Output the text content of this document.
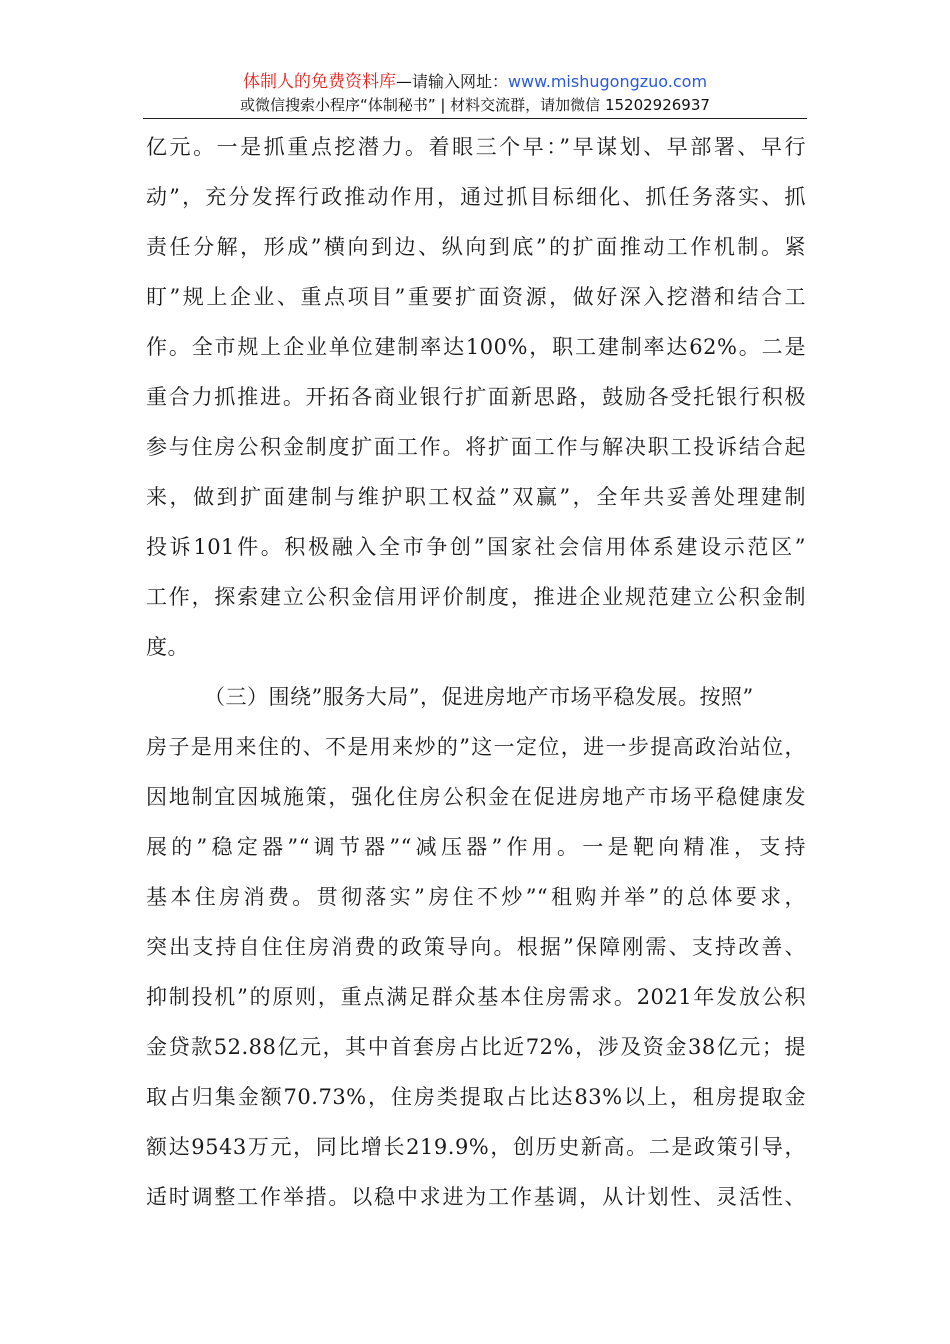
体制人的免费资料库—请输入网址：www.mishugongzuo.com
或微信搜索小程序“体制秘书” | 材料交流群，请加微信 15202926937
亿元。一是抓重点挖潜力。着眼三个早：”早谋划、早部署、早行
动”，充分发挥行政推动作用，通过抓目标细化、抓任务落实、抓
责任分解，形成”横向到边、纵向到底”的扩面推动工作机制。紧
盯”规上企业、重点项目”重要扩面资源，做好深入挖潜和结合工
作。全市规上企业单位建制率达100%，职工建制率达62%。二是
重合力抓推进。开拓各商业银行扩面新思路，鼓励各受托银行积极
参与住房公积金制度扩面工作。将扩面工作与解决职工投诉结合起
来，做到扩面建制与维护职工权益”双赢”，全年共妥善处理建制
投诉101件。积极融入全市争创”国家社会信用体系建设示范区”
工作，探索建立公积金信用评价制度，推进企业规范建立公积金制
度。
（三）围绕”服务大局”，促进房地产市场平稳发展。按照”
房子是用来住的、不是用来炒的”这一定位，进一步提高政治站位，
因地制宜因城施策，强化住房公积金在促进房地产市场平稳健康发
展的”稳定器”“调节器”“减压器”作用。一是靶向精准，支持
基本住房消费。贯彻落实”房住不炒”“租购并举”的总体要求，
突出支持自住住房消费的政策导向。根据”保障刚需、支持改善、
抑制投机”的原则，重点满足群众基本住房需求。2021年发放公积
金贷款52.88亿元，其中首套房占比近72%，涉及资金38亿元；提
取占归集金额70.73%，住房类提取占比达83%以上，租房提取金
额达9543万元，同比增长219.9%，创历史新高。二是政策引导，
适时调整工作举措。以稳中求进为工作基调，从计划性、灵活性、
